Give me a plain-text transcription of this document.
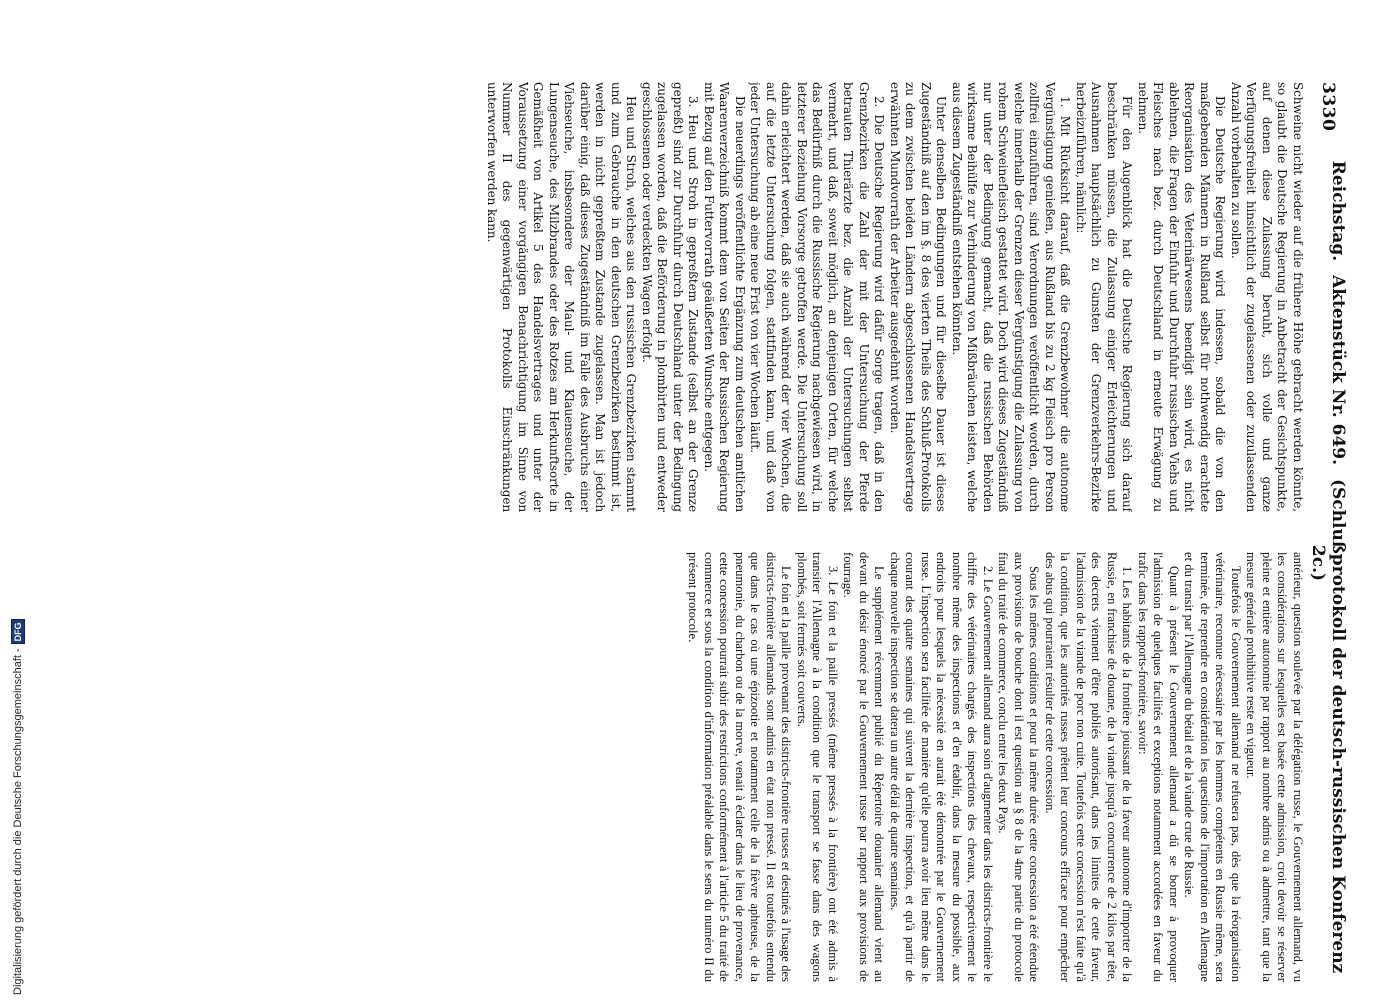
3330
Reichstag. Aktenstück Nr. 649. (Schlußprotokoll der deutsch-russischen Konferenz 2c.)

Schweine nicht wieder auf die frühere Höhe gebracht werden könnte, so glaubt die Deutsche Regierung in Anbetracht der Gesichtspunkte, auf denen diese Zulassung beruht, sich volle und ganze Verfügungsfreiheit hinsichtlich der zugelassenen oder zuzulassenden Anzahl vorbehalten zu sollen.

Die Deutsche Regierung wird indessen, sobald die von den maßgebenden Männern in Rußland selbst für nothwendig erachtete Reorganisation des Veterinärwesens beendigt sein wird, es nicht ablehnen, die Fragen der Einfuhr und Durchfuhr russischen Viehs und Fleisches nach bez. durch Deutschland in erneute Erwägung zu nehmen.

Für den Augenblick hat die Deutsche Regierung sich darauf beschränken müssen, die Zulassung einiger Erleichterungen und Ausnahmen hauptsächlich zu Gunsten der Grenzverkehrs-Bezirke herbeizuführen, nämlich:

1. Mit Rücksicht darauf, daß die Grenzbewohner die autonome Vergünstigung genießen, aus Rußland bis zu 2 kg Fleisch pro Person zollfrei einzuführen, sind Verordnungen veröffentlicht worden, durch welche innerhalb der Grenzen dieser Vergünstigung die Zulassung von rohem Schweinefleisch gestattet wird. Doch wird dieses Zugeständniß nur unter der Bedingung gemacht, daß die russischen Behörden wirksame Beihülfe zur Verhinderung von Mißbräuchen leisten, welche aus diesem Zugeständniß entstehen könnten.

Unter denselben Bedingungen und für dieselbe Dauer ist dieses Zugeständniß auf den im §. 8 des vierten Theils des Schluß-Protokolls zu dem zwischen beiden Ländern abgeschlossenen Handelsvertrage erwähnten Mundvorrath der Arbeiter ausgedehnt worden.

2. Die Deutsche Regierung wird dafür Sorge tragen, daß in den Grenzbezirken die Zahl der mit der Untersuchung der Pferde betrauten Thierärzte bez. die Anzahl der Untersuchungen selbst vermehrt, und daß, soweit möglich, an denjenigen Orten, für welche das Bedürfniß durch die Russische Regierung nachgewiesen wird, in letzterer Beziehung Vorsorge getroffen werde. Die Untersuchung soll dahin erleichtert werden, daß sie auch während der vier Wochen, die auf die letzte Untersuchung folgen, stattfinden kann, und daß von jeder Untersuchung ab eine neue Frist von vier Wochen läuft.

Die neuerdings veröffentlichte Ergänzung zum deutschen amtlichen Waarenverzeichniß kommt dem von Seiten der Russischen Regierung mit Bezug auf den Futtervorrath geäußerten Wunsche entgegen.

3. Heu und Stroh in gepreßtem Zustande (selbst an der Grenze gepreßt) sind zur Durchfuhr durch Deutschland unter der Bedingung zugelassen worden, daß die Beförderung in plombirten und entweder geschlossenen oder verdeckten Wagen erfolgt.

Heu und Stroh, welches aus den russischen Grenzbezirken stammt und zum Gebrauche in den deutschen Grenzbezirken bestimmt ist, werden in nicht gepreßtem Zustande zugelassen. Man ist jedoch darüber einig, daß dieses Zugeständniß im Falle des Ausbruchs einer Viehseuche, insbesondere der Maul- und Klauenseuche, der Lungenseuche, des Milzbrandes oder des Rotzes am Herkunftsorte in Gemäßheit von Artikel 5 des Handelsvertrages und unter der Voraussetzung einer vorgängigen Benachrichtigung im Sinne von Nummer II des gegenwärtigen Protokolls Einschränkungen unterworfen werden kann.

antérieur, question soulevée par la délégation russe, le Gouvernement allemand, vu les considérations sur lesquelles est basée cette admission, croit devoir se réserver pleine et entière autonomie par rapport au nombre admis ou à admettre, tant que la mesure générale prohibitive reste en vigueur.

Toutefois le Gouvernement allemand ne refusera pas, dès que la réorganisation vétérinaire, reconnue nécessaire par les hommes compétents en Russie même, sera terminée, de reprendre en considération les questions de l'importation en Allemagne et du transit par l'Allemagne du bétail et de la viande crue de Russie.

Quant à présent le Gouvernement allemand a dû se borner à provoquer l'admission de quelques facilités et exceptions notamment accordées en faveur du trafic dans les rapports-frontière, savoir:

1. Les habitants de la frontière jouissant de la faveur autonome d'importer de la Russie, en franchise de douane, de la viande jusqu'à concurrence de 2 kilos par tête, des decrets viennent d'être publiés autorisant, dans les limites de cette faveur, l'admission de la viande de porc non cuite. Toutefois cette concession n'est faite qu'à la condition, que les autorités russes prêtent leur concours efficace pour empêcher des abus qui pourraient résulter de cette concession.

Sous les mêmes conditions et pour la même durée cette concession a été étendue aux provisions de bouche dont il est question au § 8 de la 4me partie du protocole final du traité de commerce, conclu entre les deux Pays.

2. Le Gouvernement allemand aura soin d'augmenter dans les districts-frontière le chiffre des vétérinaires chargés des inspections des chevaux, respectivement le nombre même des inspections et d'en établir, dans la mesure du possible, aux endroits pour lesquels la nécessité en aurait été démontrée par le Gouvernement russe. L'inspection sera facilitée de manière qu'elle pourra avoir lieu même dans le courant des quatre semaines qui suivent la dernière inspection, et qu'à partir de chaque nouvelle inspection se datera un autre délai de quatre semaines.

Le supplément récemment publié du Répertoire douanier allemand vient au devant du désir énoncé par le Gouvernement russe par rapport aux provisions de fourrage.

3. Le foin et la paille pressés (même pressés à la frontière) ont été admis à transiter l'Allemagne à la condition que le transport se fasse dans des wagons plombés, soit fermés soit couverts.

Le foin et la paille provenant des districts-frontière russes et destinés à l'usage des districts-frontière allemands sont admis en état non pressé. Il est toutefois entendu que dans le cas où une épizootie et notamment celle de la fièvre aphteuse, de la pneumonie, du charbon ou de la morve, venait à éclater dans le lieu de provenance, cette concession pourrait subir des restrictions conformément à l'article 5 du traité de commerce et sous la condition d'information préalable dans le sens du numéro II du présent protocole.

Digitalisierung gefördert durch die Deutsche Forschungsgemeinschaft -
DFG
